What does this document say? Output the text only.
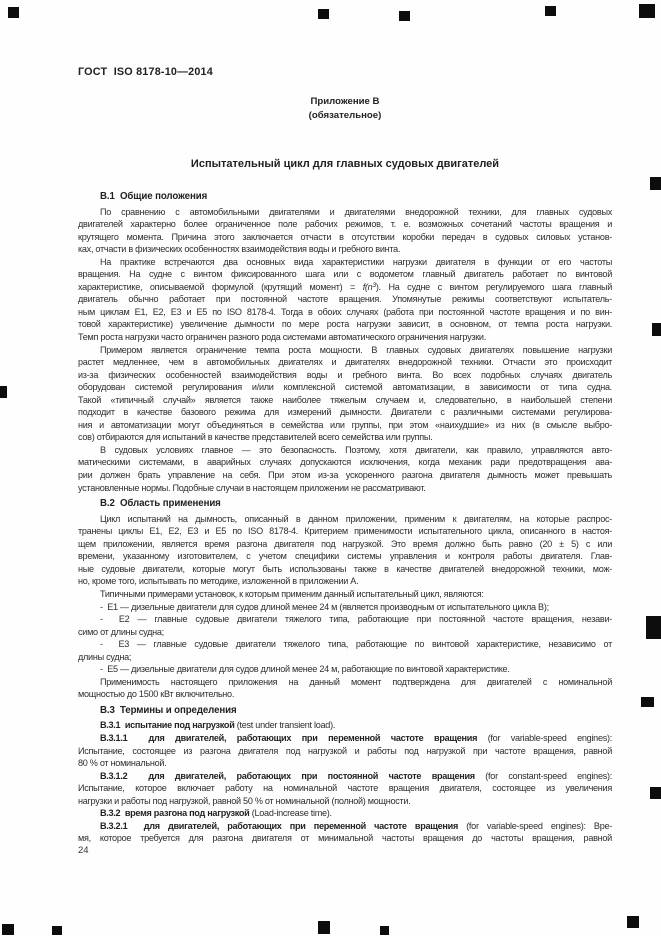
ГОСТ  ISO 8178-10—2014
Приложение В
(обязательное)
Испытательный цикл для главных судовых двигателей
В.1  Общие положения
По сравнению с автомобильными двигателями и двигателями внедорожной техники, для главных судовых
двигателей характерно более ограниченное поле рабочих режимов, т. е. возможных сочетаний частоты вращения и
крутящего момента. Причина этого заключается отчасти в отсутствии коробки передач в судовых силовых установ-
ках, отчасти в физических особенностях взаимодействия воды и гребного винта.
На практике встречаются два основных вида характеристики нагрузки двигателя в функции от его частоты
вращения. На судне с винтом фиксированного шага или с водометом главный двигатель работает по винтовой
характеристике, описываемой формулой (крутящий момент) = $f(n^3)$. На судне с винтом регулируемого шага главный
двигатель обычно работает при постоянной частоте вращения. Упомянутые режимы соответствуют испытатель-
ным циклам Е1, Е2, Е3 и Е5 по ISO 8178-4. Тогда в обоих случаях (работа при постоянной частоте вращения и по вин-
товой характеристике) увеличение дымности по мере роста нагрузки зависит, в основном, от темпа роста нагрузки.
Темп роста нагрузки часто ограничен разного рода системами автоматического ограничения нагрузки.
Примером является ограничение темпа роста мощности. В главных судовых двигателях повышение нагрузки
растет медленнее, чем в автомобильных двигателях и двигателях внедорожной техники. Отчасти это происходит
из-за физических особенностей взаимодействия воды и гребного винта. Во всех подобных случаях двигатель
оборудован системой регулирования и/или комплексной системой автоматизации, в зависимости от типа судна.
Такой «типичный случай» является также наиболее тяжелым случаем и, следовательно, в наибольшей степени
подходит в качестве базового режима для измерений дымности. Двигатели с различными системами регулирова-
ния и автоматизации могут объединяться в семейства или группы, при этом «наихудшие» из них (в смысле выбро-
сов) отбираются для испытаний в качестве представителей всего семейства или группы.
В судовых условиях главное — это безопасность. Поэтому, хотя двигатели, как правило, управляются авто-
матическими системами, в аварийных случаях допускаются исключения, когда механик ради предотвращения ава-
рии должен брать управление на себя. При этом из-за ускоренного разгона двигателя дымность может превышать
установленные нормы. Подобные случаи в настоящем приложении не рассматривают.
В.2  Область применения
Цикл испытаний на дымность, описанный в данном приложении, применим к двигателям, на которые распрос-
транены циклы Е1, Е2, Е3 и Е5 по ISO 8178-4. Критерием применимости испытательного цикла, описанного в настоя-
щем приложении, является время разгона двигателя под нагрузкой. Это время должно быть равно (20 ± 5) с или
времени, указанному изготовителем, с учетом специфики системы управления и контроля работы двигателя. Глав-
ные судовые двигатели, которые могут быть использованы также в качестве двигателей внедорожной техники, мож-
но, кроме того, испытывать по методике, изложенной в приложении А.
Типичными примерами установок, к которым применим данный испытательный цикл, являются:
-  Е1 — дизельные двигатели для судов длиной менее 24 м (является производным от испытательного цикла В);
-  Е2 — главные судовые двигатели тяжелого типа, работающие при постоянной частоте вращения, незави-
симо от длины судна;
-  Е3 — главные судовые двигатели тяжелого типа, работающие по винтовой характеристике, независимо от
длины судна;
-  Е5 — дизельные двигатели для судов длиной менее 24 м, работающие по винтовой характеристике.
Применимость настоящего приложения на данный момент подтверждена для двигателей с номинальной
мощностью до 1500 кВт включительно.
В.3  Термины и определения
В.3.1  испытание под нагрузкой (test under transient load).
В.3.1.1  для двигателей, работающих при переменной частоте вращения (for variable-speed engines):
Испытание, состоящее из разгона двигателя под нагрузкой и работы под нагрузкой при частоте вращения, равной
80 % от номинальной.
В.3.1.2  для двигателей, работающих при постоянной частоте вращения (for constant-speed engines):
Испытание, которое включает работу на номинальной частоте вращения двигателя, состоящее из увеличения
нагрузки и работы под нагрузкой, равной 50 % от номинальной (полной) мощности.
В.3.2  время разгона под нагрузкой (Load-increase time).
В.3.2.1  для двигателей, работающих при переменной частоте вращения (for variable-speed engines): Вре-
мя, которое требуется для разгона двигателя от минимальной частоты вращения до частоты вращения, равной
24
